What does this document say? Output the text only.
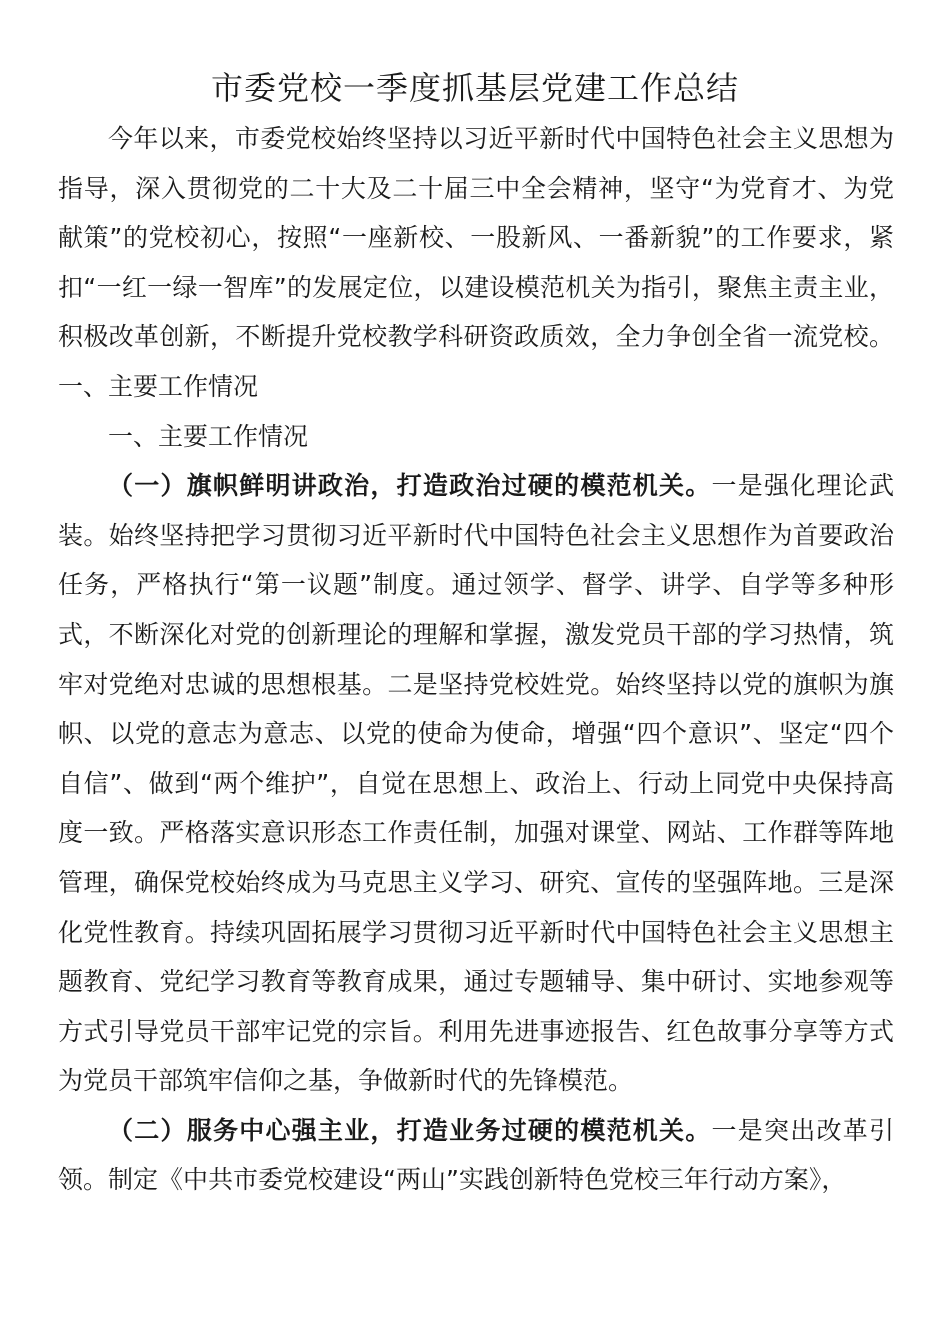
市委党校一季度抓基层党建工作总结

今年以来，市委党校始终坚持以习近平新时代中国特色社会主义思想为指导，深入贯彻党的二十大及二十届三中全会精神，坚守“为党育才、为党献策”的党校初心，按照“一座新校、一股新风、一番新貌”的工作要求，紧扣“一红一绿一智库”的发展定位，以建设模范机关为指引，聚焦主责主业，积极改革创新，不断提升党校教学科研资政质效，全力争创全省一流党校。一、主要工作情况

一、主要工作情况

（一）旗帜鲜明讲政治，打造政治过硬的模范机关。一是强化理论武装。始终坚持把学习贯彻习近平新时代中国特色社会主义思想作为首要政治任务，严格执行“第一议题”制度。通过领学、督学、讲学、自学等多种形式，不断深化对党的创新理论的理解和掌握，激发党员干部的学习热情，筑牢对党绝对忠诚的思想根基。二是坚持党校姓党。始终坚持以党的旗帜为旗帜、以党的意志为意志、以党的使命为使命，增强“四个意识”、坚定“四个自信”、做到“两个维护”，自觉在思想上、政治上、行动上同党中央保持高度一致。严格落实意识形态工作责任制，加强对课堂、网站、工作群等阵地管理，确保党校始终成为马克思主义学习、研究、宣传的坚强阵地。三是深化党性教育。持续巩固拓展学习贯彻习近平新时代中国特色社会主义思想主题教育、党纪学习教育等教育成果，通过专题辅导、集中研讨、实地参观等方式引导党员干部牢记党的宗旨。利用先进事迹报告、红色故事分享等方式为党员干部筑牢信仰之基，争做新时代的先锋模范。

（二）服务中心强主业，打造业务过硬的模范机关。一是突出改革引领。制定《中共市委党校建设“两山”实践创新特色党校三年行动方案》，
